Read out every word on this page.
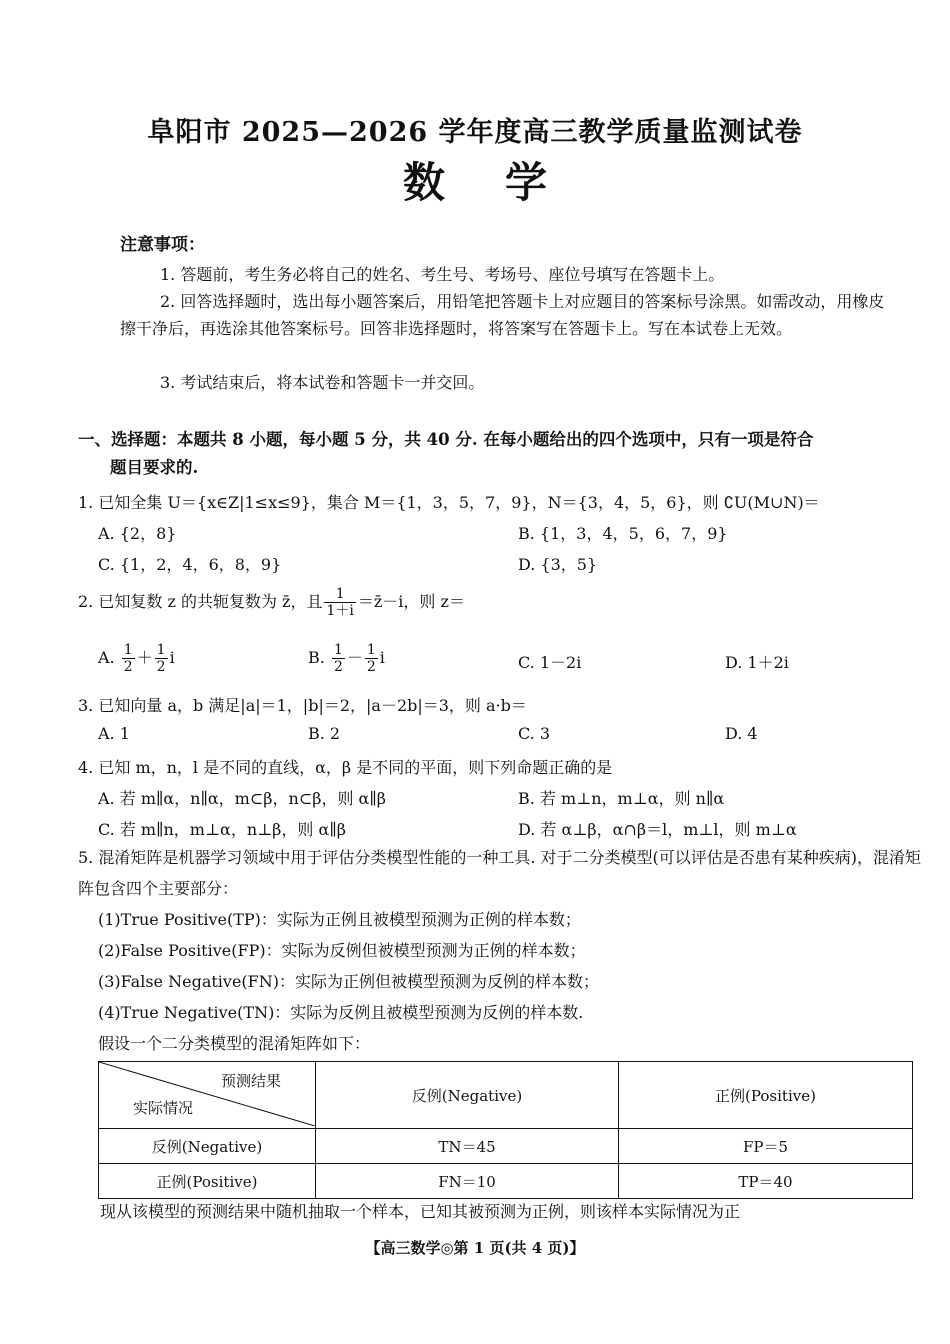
阜阳市 2025—2026 学年度高三教学质量监测试卷
数学
注意事项：
1. 答题前，考生务必将自己的姓名、考生号、考场号、座位号填写在答题卡上。
2. 回答选择题时，选出每小题答案后，用铅笔把答题卡上对应题目的答案标号涂黑。如需改动，用橡皮擦干净后，再选涂其他答案标号。回答非选择题时，将答案写在答题卡上。写在本试卷上无效。
3. 考试结束后，将本试卷和答题卡一并交回。
一、选择题：本题共 8 小题，每小题 5 分，共 40 分. 在每小题给出的四个选项中，只有一项是符合
题目要求的.
1. 已知全集 U＝{x∈Z|1≤x≤9}，集合 M＝{1，3，5，7，9}，N＝{3，4，5，6}，则 ∁U(M∪N)＝
A. {2，8}	B. {1，3，4，5，6，7，9}
C. {1，2，4，6，8，9}	D. {3，5}
2. 已知复数 z 的共轭复数为 z̄，且 $\frac{1}{1+i}$ ＝z̄－i，则 z＝
A. $\frac{1}{2} + \frac{1}{2}$ i	B. $\frac{1}{2} - \frac{1}{2}$ i	C. 1－2i	D. 1＋2i
3. 已知向量 a，b 满足|a|＝1，|b|＝2，|a－2b|＝3，则 a·b＝
A. 1	B. 2	C. 3	D. 4
4. 已知 m，n，l 是不同的直线，α，β 是不同的平面，则下列命题正确的是
A. 若 m∥α，n∥α，m⊂β，n⊂β，则 α∥β	B. 若 m⊥n，m⊥α，则 n∥α
C. 若 m∥n，m⊥α，n⊥β，则 α∥β	D. 若 α⊥β，α∩β＝l，m⊥l，则 m⊥α
5. 混淆矩阵是机器学习领域中用于评估分类模型性能的一种工具. 对于二分类模型(可以评估是否患有某种疾病)，混淆矩阵包含四个主要部分：
(1)True Positive(TP)：实际为正例且被模型预测为正例的样本数；
(2)False Positive(FP)：实际为反例但被模型预测为正例的样本数；
(3)False Negative(FN)：实际为正例但被模型预测为反例的样本数；
(4)True Negative(TN)：实际为反例且被模型预测为反例的样本数.
假设一个二分类模型的混淆矩阵如下：
预测结果
实际情况	反例(Negative)	正例(Positive)
反例(Negative)	TN＝45	FP＝5
正例(Positive)	FN＝10	TP＝40
现从该模型的预测结果中随机抽取一个样本，已知其被预测为正例，则该样本实际情况为正
【高三数学◎第 1 页(共 4 页)】
